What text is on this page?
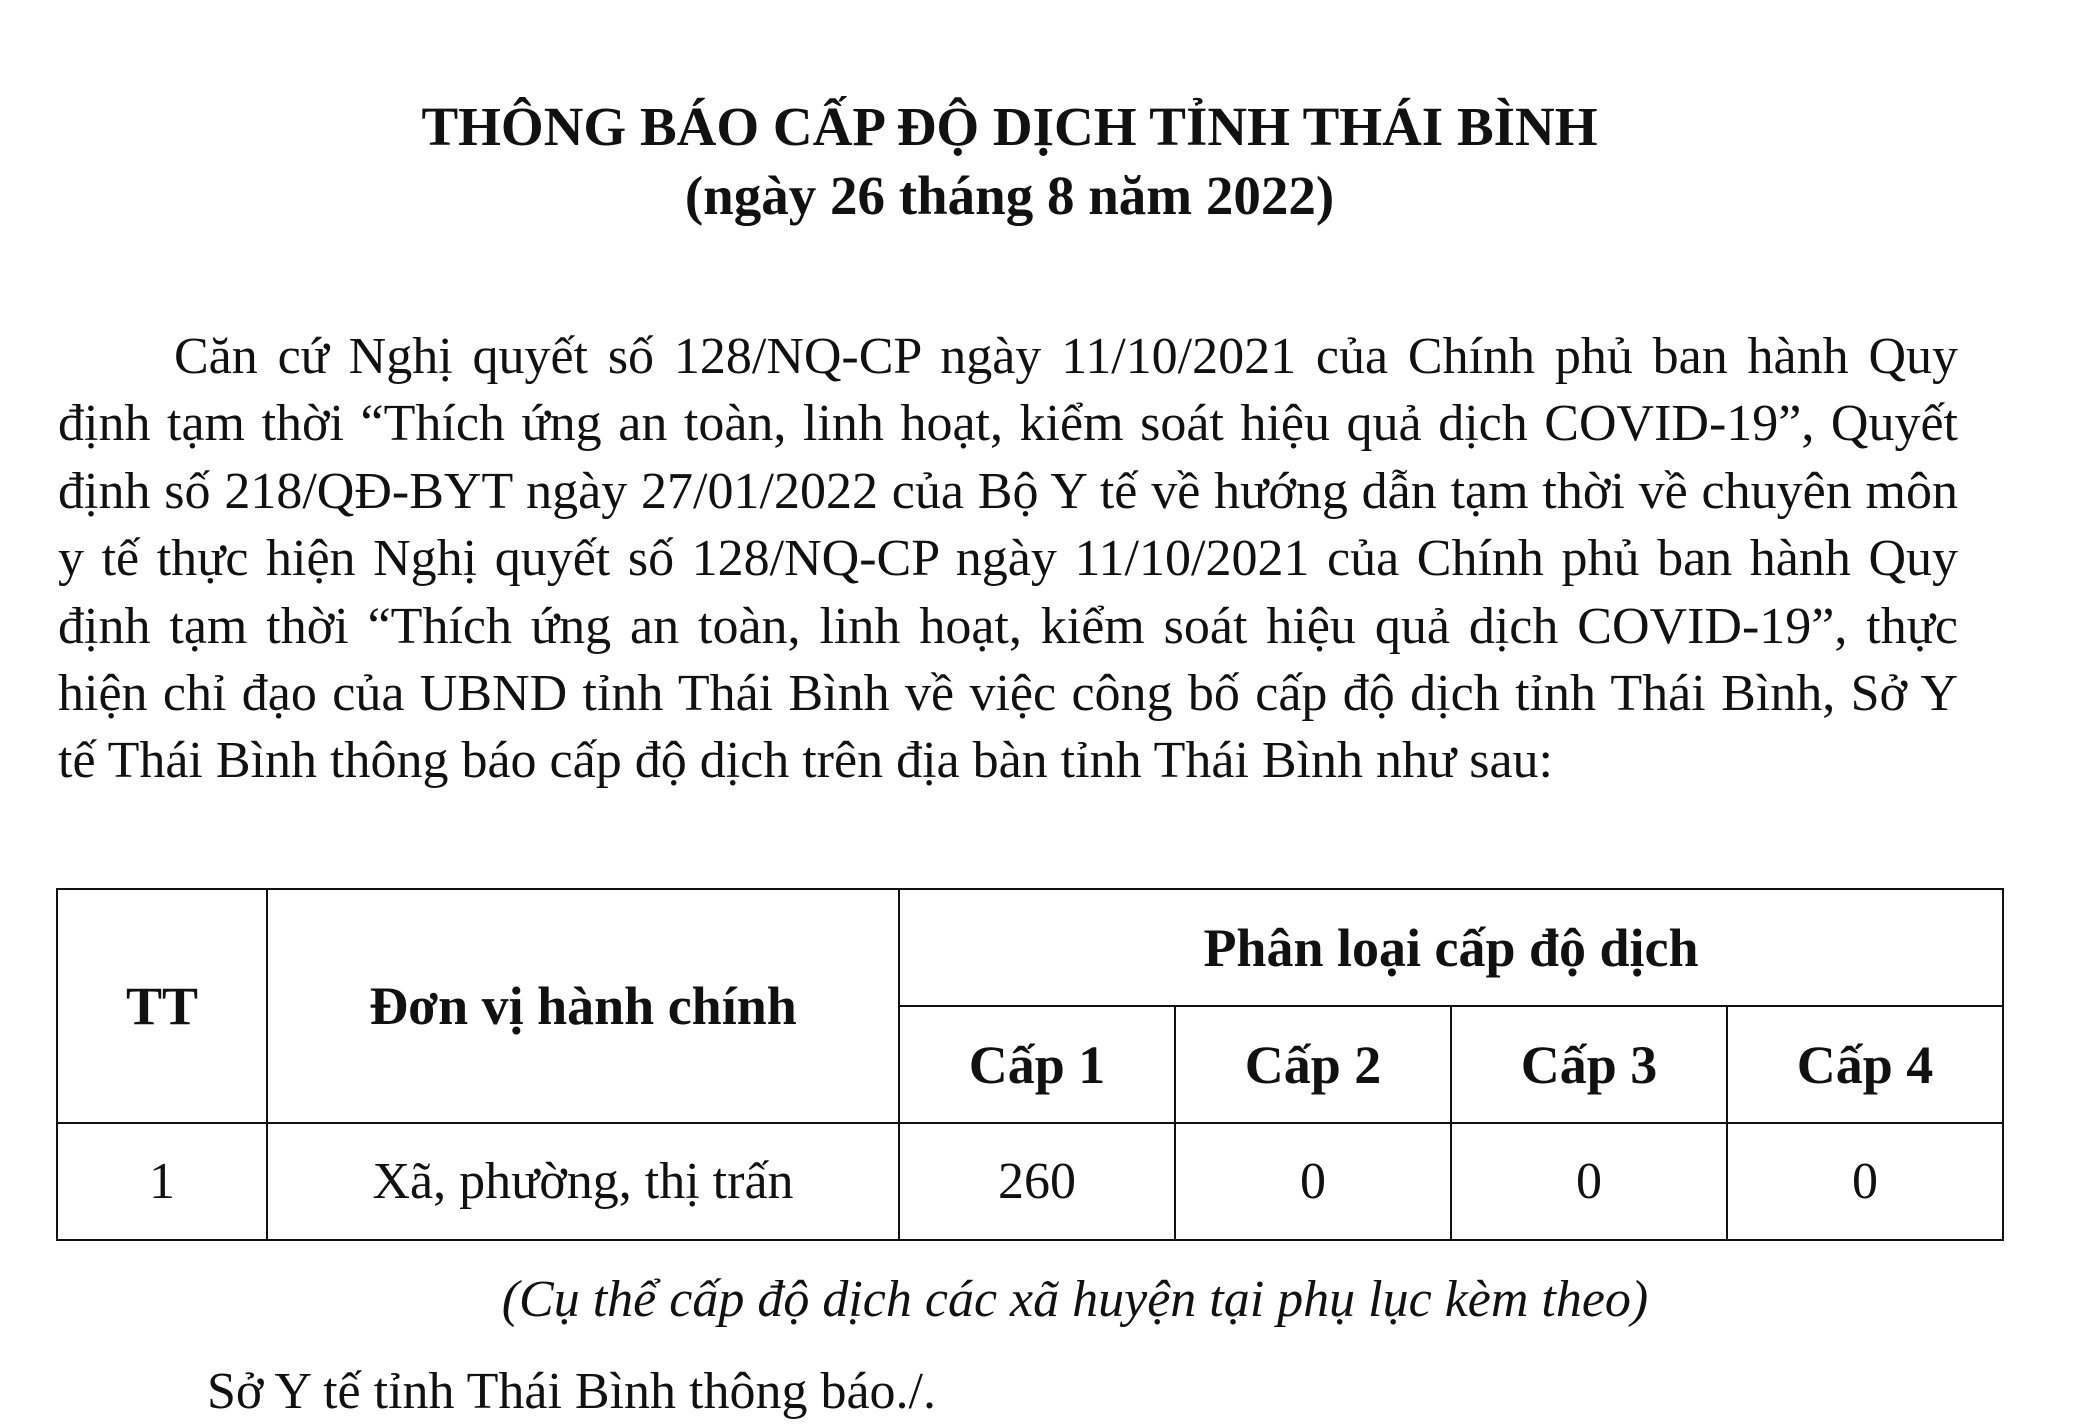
THÔNG BÁO CẤP ĐỘ DỊCH TỈNH THÁI BÌNH
(ngày 26 tháng 8 năm 2022)

Căn cứ Nghị quyết số 128/NQ-CP ngày 11/10/2021 của Chính phủ ban hành Quy định tạm thời “Thích ứng an toàn, linh hoạt, kiểm soát hiệu quả dịch COVID-19”, Quyết định số 218/QĐ-BYT ngày 27/01/2022 của Bộ Y tế về hướng dẫn tạm thời về chuyên môn y tế thực hiện Nghị quyết số 128/NQ-CP ngày 11/10/2021 của Chính phủ ban hành Quy định tạm thời “Thích ứng an toàn, linh hoạt, kiểm soát hiệu quả dịch COVID-19”, thực hiện chỉ đạo của UBND tỉnh Thái Bình về việc công bố cấp độ dịch tỉnh Thái Bình, Sở Y tế Thái Bình thông báo cấp độ dịch trên địa bàn tỉnh Thái Bình như sau:

TT	Đơn vị hành chính	Phân loại cấp độ dịch			
		Cấp 1	Cấp 2	Cấp 3	Cấp 4
1	Xã, phường, thị trấn	260	0	0	0

(Cụ thể cấp độ dịch các xã huyện tại phụ lục kèm theo)

Sở Y tế tỉnh Thái Bình thông báo./.
